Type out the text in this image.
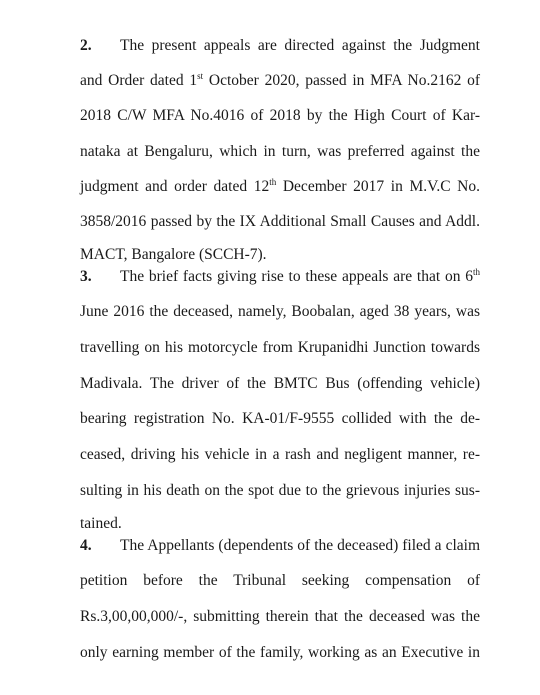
2. The present appeals are directed against the Judgment
and Order dated 1st October 2020, passed in MFA No.2162 of
2018 C/W MFA No.4016 of 2018 by the High Court of Kar-
nataka at Bengaluru, which in turn, was preferred against the
judgment and order dated 12th December 2017 in M.V.C No.
3858/2016 passed by the IX Additional Small Causes and Addl.
MACT, Bangalore (SCCH-7).
3. The brief facts giving rise to these appeals are that on 6th
June 2016 the deceased, namely, Boobalan, aged 38 years, was
travelling on his motorcycle from Krupanidhi Junction towards
Madivala. The driver of the BMTC Bus (offending vehicle)
bearing registration No. KA-01/F-9555 collided with the de-
ceased, driving his vehicle in a rash and negligent manner, re-
sulting in his death on the spot due to the grievous injuries sus-
tained.
4. The Appellants (dependents of the deceased) filed a claim
petition before the Tribunal seeking compensation of
Rs.3,00,00,000/-, submitting therein that the deceased was the
only earning member of the family, working as an Executive in
